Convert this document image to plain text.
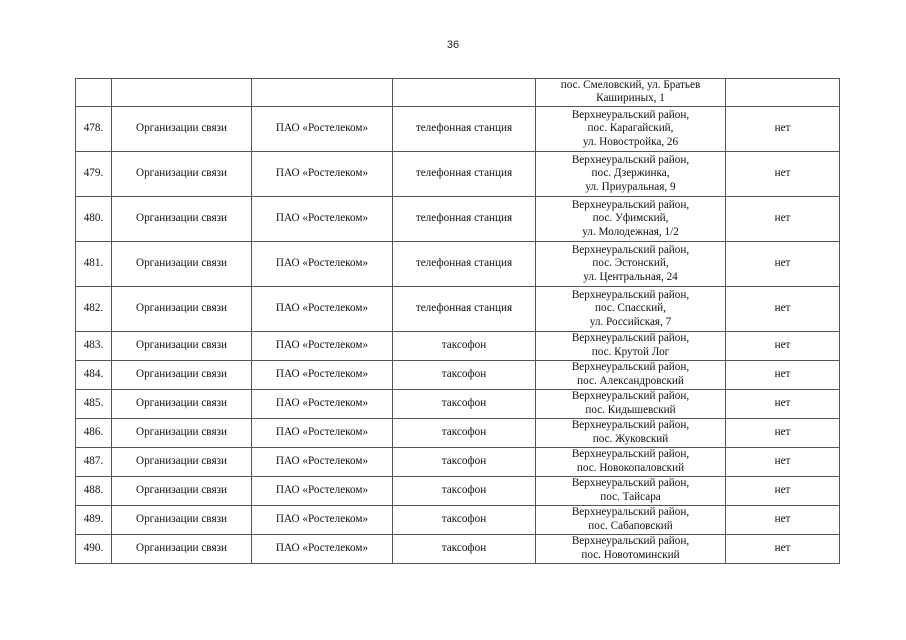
36

				пос. Смеловский, ул. Братьев
Кашириных, 1	

478.	Организации связи	ПАО «Ростелеком»	телефонная станция	Верхнеуральский район,
пос. Карагайский,
ул. Новостройка, 26	нет
479.	Организации связи	ПАО «Ростелеком»	телефонная станция	Верхнеуральский район,
пос. Дзержинка,
ул. Приуральная, 9	нет
480.	Организации связи	ПАО «Ростелеком»	телефонная станция	Верхнеуральский район,
пос. Уфимский,
ул. Молодежная, 1/2	нет
481.	Организации связи	ПАО «Ростелеком»	телефонная станция	Верхнеуральский район,
пос. Эстонский,
ул. Центральная, 24	нет
482.	Организации связи	ПАО «Ростелеком»	телефонная станция	Верхнеуральский район,
пос. Спасский,
ул. Российская, 7	нет
483.	Организации связи	ПАО «Ростелеком»	таксофон	Верхнеуральский район,
пос. Крутой Лог	нет
484.	Организации связи	ПАО «Ростелеком»	таксофон	Верхнеуральский район,
пос. Александровский	нет
485.	Организации связи	ПАО «Ростелеком»	таксофон	Верхнеуральский район,
пос. Кидышевский	нет
486.	Организации связи	ПАО «Ростелеком»	таксофон	Верхнеуральский район,
пос. Жуковский	нет
487.	Организации связи	ПАО «Ростелеком»	таксофон	Верхнеуральский район,
пос. Новокопаловский	нет
488.	Организации связи	ПАО «Ростелеком»	таксофон	Верхнеуральский район,
пос. Тайсара	нет
489.	Организации связи	ПАО «Ростелеком»	таксофон	Верхнеуральский район,
пос. Сабаповский	нет
490.	Организации связи	ПАО «Ростелеком»	таксофон	Верхнеуральский район,
пос. Новотоминский	нет
